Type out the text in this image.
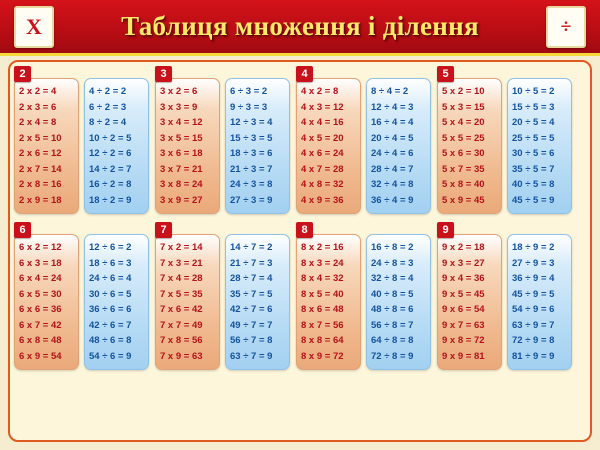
X	Таблиця множення і ділення	÷
2
2 х 2 = 4
2 х 3 = 6
2 х 4 = 8
2 х 5 = 10
2 х 6 = 12
2 х 7 = 14
2 х 8 = 16
2 х 9 = 18
4 ÷ 2 = 2
6 ÷ 2 = 3
8 ÷ 2 = 4
10 ÷ 2 = 5
12 ÷ 2 = 6
14 ÷ 2 = 7
16 ÷ 2 = 8
18 ÷ 2 = 9
3
3 х 2 = 6
3 х 3 = 9
3 х 4 = 12
3 х 5 = 15
3 х 6 = 18
3 х 7 = 21
3 х 8 = 24
3 х 9 = 27
6 ÷ 3 = 2
9 ÷ 3 = 3
12 ÷ 3 = 4
15 ÷ 3 = 5
18 ÷ 3 = 6
21 ÷ 3 = 7
24 ÷ 3 = 8
27 ÷ 3 = 9
4
4 х 2 = 8
4 х 3 = 12
4 х 4 = 16
4 х 5 = 20
4 х 6 = 24
4 х 7 = 28
4 х 8 = 32
4 х 9 = 36
8 ÷ 4 = 2
12 ÷ 4 = 3
16 ÷ 4 = 4
20 ÷ 4 = 5
24 ÷ 4 = 6
28 ÷ 4 = 7
32 ÷ 4 = 8
36 ÷ 4 = 9
5
5 х 2 = 10
5 х 3 = 15
5 х 4 = 20
5 х 5 = 25
5 х 6 = 30
5 х 7 = 35
5 х 8 = 40
5 х 9 = 45
10 ÷ 5 = 2
15 ÷ 5 = 3
20 ÷ 5 = 4
25 ÷ 5 = 5
30 ÷ 5 = 6
35 ÷ 5 = 7
40 ÷ 5 = 8
45 ÷ 5 = 9
6
6 х 2 = 12
6 х 3 = 18
6 х 4 = 24
6 х 5 = 30
6 х 6 = 36
6 х 7 = 42
6 х 8 = 48
6 х 9 = 54
12 ÷ 6 = 2
18 ÷ 6 = 3
24 ÷ 6 = 4
30 ÷ 6 = 5
36 ÷ 6 = 6
42 ÷ 6 = 7
48 ÷ 6 = 8
54 ÷ 6 = 9
7
7 х 2 = 14
7 х 3 = 21
7 х 4 = 28
7 х 5 = 35
7 х 6 = 42
7 х 7 = 49
7 х 8 = 56
7 х 9 = 63
14 ÷ 7 = 2
21 ÷ 7 = 3
28 ÷ 7 = 4
35 ÷ 7 = 5
42 ÷ 7 = 6
49 ÷ 7 = 7
56 ÷ 7 = 8
63 ÷ 7 = 9
8
8 х 2 = 16
8 х 3 = 24
8 х 4 = 32
8 х 5 = 40
8 х 6 = 48
8 х 7 = 56
8 х 8 = 64
8 х 9 = 72
16 ÷ 8 = 2
24 ÷ 8 = 3
32 ÷ 8 = 4
40 ÷ 8 = 5
48 ÷ 8 = 6
56 ÷ 8 = 7
64 ÷ 8 = 8
72 ÷ 8 = 9
9
9 х 2 = 18
9 х 3 = 27
9 х 4 = 36
9 х 5 = 45
9 х 6 = 54
9 х 7 = 63
9 х 8 = 72
9 х 9 = 81
18 ÷ 9 = 2
27 ÷ 9 = 3
36 ÷ 9 = 4
45 ÷ 9 = 5
54 ÷ 9 = 6
63 ÷ 9 = 7
72 ÷ 9 = 8
81 ÷ 9 = 9
